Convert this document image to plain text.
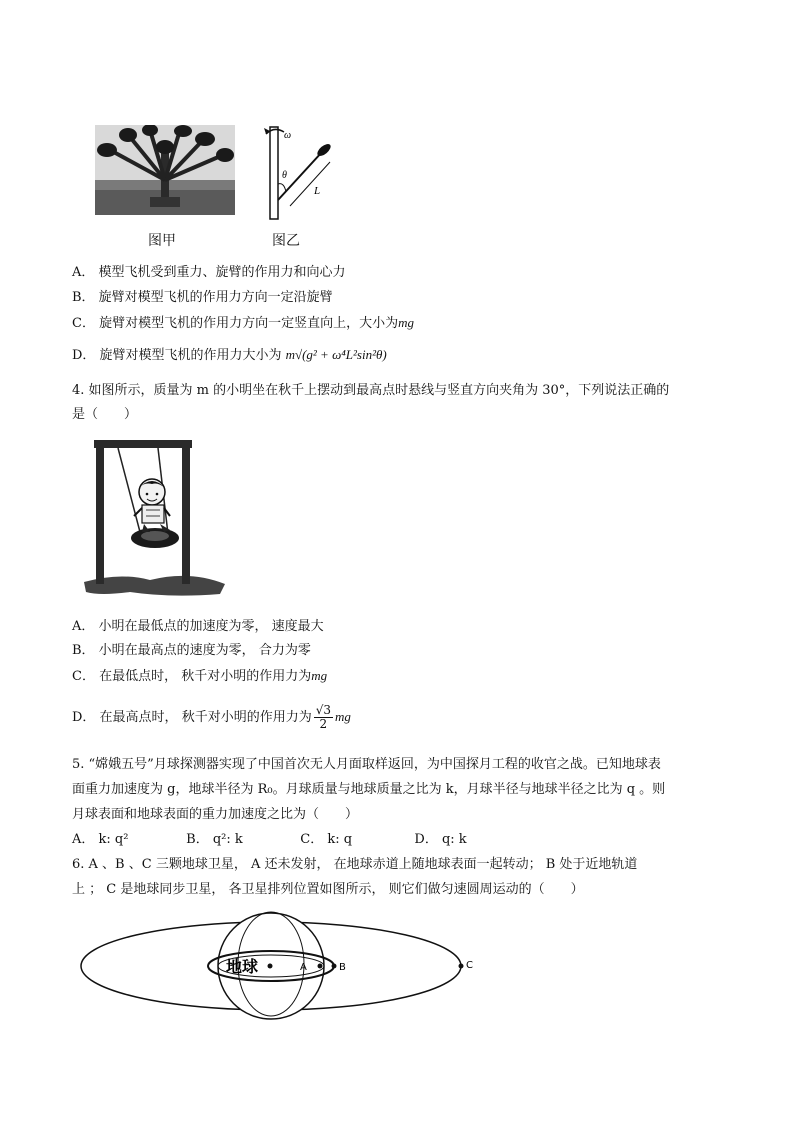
图甲
ω
θ
L
图乙
A． 模型飞机受到重力、旋臂的作用力和向心力
B． 旋臂对模型飞机的作用力方向一定沿旋臂
C． 旋臂对模型飞机的作用力方向一定竖直向上，大小为mg
D． 旋臂对模型飞机的作用力大小为 m√(g² + ω⁴L²sin²θ)
4. 如图所示，质量为 m 的小明坐在秋千上摆动到最高点时悬线与竖直方向夹角为 30°，下列说法正确的
是（　　）
A． 小明在最低点的加速度为零， 速度最大
B． 小明在最高点的速度为零， 合力为零
C． 在最低点时， 秋千对小明的作用力为mg
D． 在最高点时， 秋千对小明的作用力为 $\frac{√3}{2}$ mg
5. “嫦娥五号”月球探测器实现了中国首次无人月面取样返回，为中国探月工程的收官之战。已知地球表
面重力加速度为 g，地球半径为 R₀。月球质量与地球质量之比为 k，月球半径与地球半径之比为 q 。则
月球表面和地球表面的重力加速度之比为（　　）
A． k: q²	B． q²: k	C． k: q	D． q: k
6. A 、B 、C 三颗地球卫星， A 还未发射， 在地球赤道上随地球表面一起转动； B 处于近地轨道
上 ； C 是地球同步卫星， 各卫星排列位置如图所示， 则它们做匀速圆周运动的（　　）
地球	A	B	C
